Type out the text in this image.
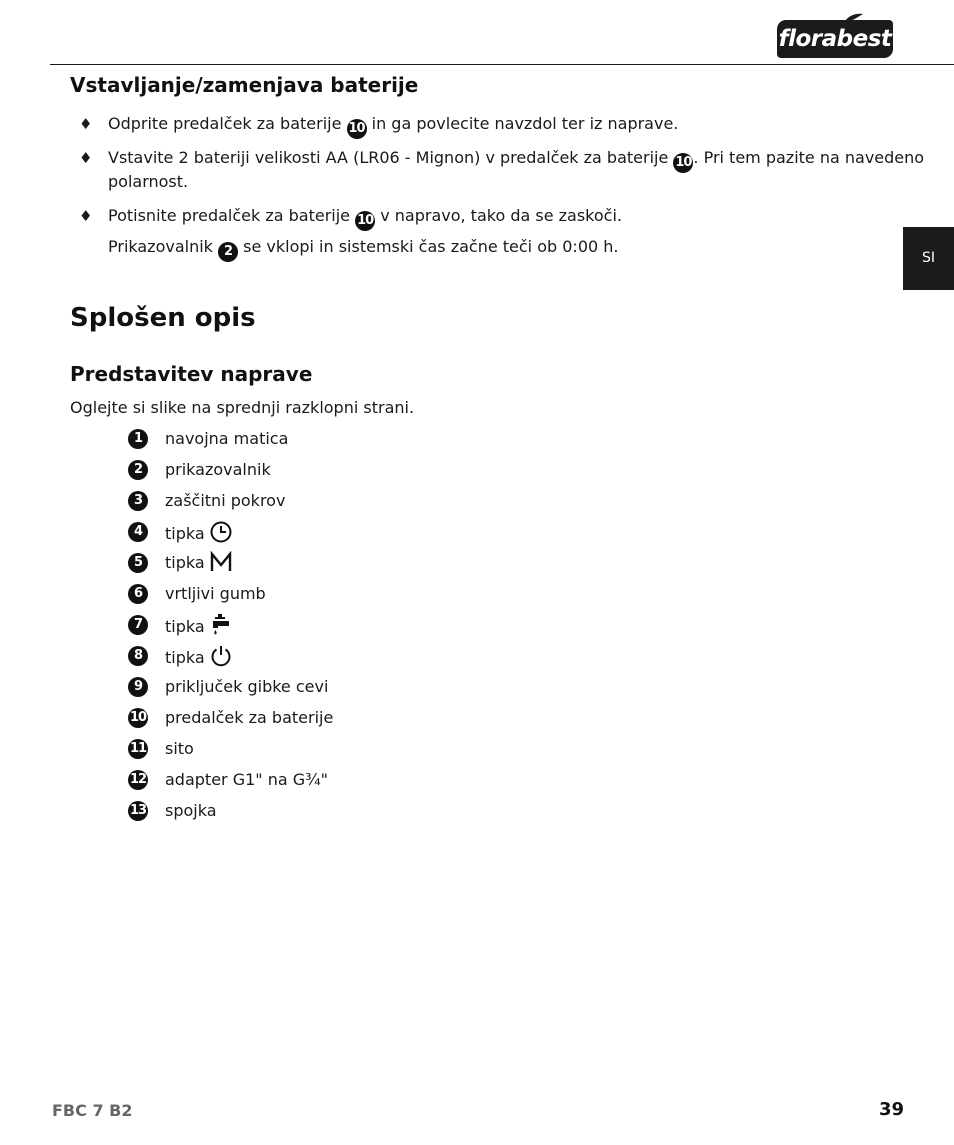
florabest
SI
Vstavljanje/zamenjava baterije
♦ Odprite predalček za baterije 10 in ga povlecite navzdol ter iz naprave.
♦ Vstavite 2 bateriji velikosti AA (LR06 - Mignon) v predalček za baterije 10 . Pri tem pazite na navedeno
polarnost.
♦ Potisnite predalček za baterije 10 v napravo, tako da se zaskoči.
Prikazovalnik 2 se vklopi in sistemski čas začne teči ob 0:00 h.
Splošen opis
Predstavitev naprave
Oglejte si slike na sprednji razklopni strani.
1	navojna matica
2	prikazovalnik
3	zaščitni pokrov
4	tipka
5	tipka
6	vrtljivi gumb
7	tipka
8	tipka
9	priključek gibke cevi
10 predalček za baterije
11 sito
12 adapter G1" na G¾"
13 spojka
FBC 7 B2	39
